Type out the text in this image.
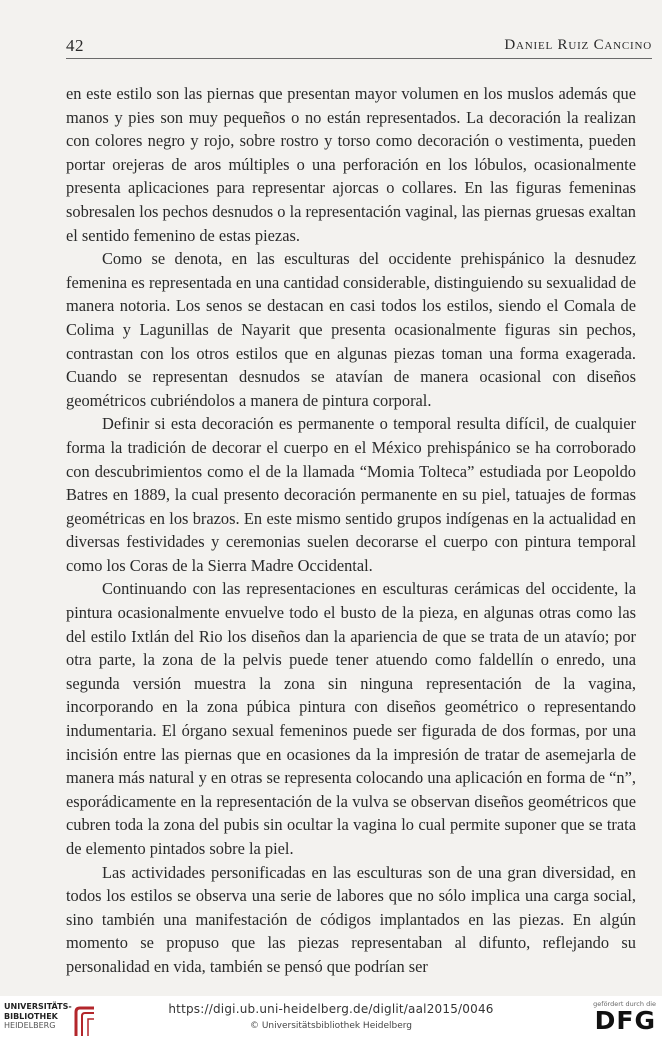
42	Daniel Ruiz Cancino

en este estilo son las piernas que presentan mayor volumen en los muslos además que manos y pies son muy pequeños o no están representados. La decoración la realizan con colores negro y rojo, sobre rostro y torso como decoración o vestimenta, pueden portar orejeras de aros múltiples o una perforación en los lóbulos, ocasionalmente presenta aplicaciones para representar ajorcas o collares. En las figuras femeninas sobresalen los pechos desnudos o la representación vaginal, las piernas gruesas exaltan el sentido femenino de estas piezas.

Como se denota, en las esculturas del occidente prehispánico la desnudez femenina es representada en una cantidad considerable, distinguiendo su sexualidad de manera notoria. Los senos se destacan en casi todos los estilos, siendo el Comala de Colima y Lagunillas de Nayarit que presenta ocasionalmente figuras sin pechos, contrastan con los otros estilos que en algunas piezas toman una forma exagerada. Cuando se representan desnudos se atavían de manera ocasional con diseños geométricos cubriéndolos a manera de pintura corporal.

Definir si esta decoración es permanente o temporal resulta difícil, de cualquier forma la tradición de decorar el cuerpo en el México prehispánico se ha corroborado con descubrimientos como el de la llamada “Momia Tolteca” estudiada por Leopoldo Batres en 1889, la cual presento decoración permanente en su piel, tatuajes de formas geométricas en los brazos. En este mismo sentido grupos indígenas en la actualidad en diversas festividades y ceremonias suelen decorarse el cuerpo con pintura temporal como los Coras de la Sierra Madre Occidental.

Continuando con las representaciones en esculturas cerámicas del occidente, la pintura ocasionalmente envuelve todo el busto de la pieza, en algunas otras como las del estilo Ixtlán del Rio los diseños dan la apariencia de que se trata de un atavío; por otra parte, la zona de la pelvis puede tener atuendo como faldellín o enredo, una segunda versión muestra la zona sin ninguna representación de la vagina, incorporando en la zona púbica pintura con diseños geométrico o representando indumentaria. El órgano sexual femeninos puede ser figurada de dos formas, por una incisión entre las piernas que en ocasiones da la impresión de tratar de asemejarla de manera más natural y en otras se representa colocando una aplicación en forma de “n”, esporádicamente en la representación de la vulva se observan diseños geométricos que cubren toda la zona del pubis sin ocultar la vagina lo cual permite suponer que se trata de elemento pintados sobre la piel.

Las actividades personificadas en las esculturas son de una gran diversidad, en todos los estilos se observa una serie de labores que no sólo implica una carga social, sino también una manifestación de códigos implantados en las piezas. En algún momento se propuso que las piezas representaban al difunto, reflejando su personalidad en vida, también se pensó que podrían ser

UNIVERSITÄTS-
BIBLIOTHEK
HEIDELBERG
https://digi.ub.uni-heidelberg.de/diglit/aal2015/0046
© Universitätsbibliothek Heidelberg
gefördert durch die
DFG
